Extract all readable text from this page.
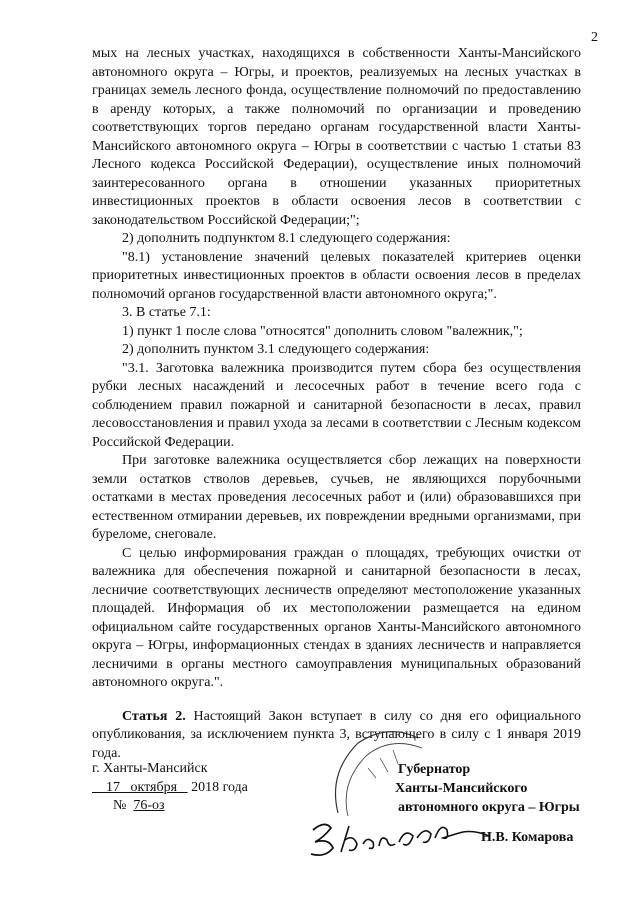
2

мых на лесных участках, находящихся в собственности Ханты-Мансийского автономного округа – Югры, и проектов, реализуемых на лесных участках в границах земель лесного фонда, осуществление полномочий по предоставлению в аренду которых, а также полномочий по организации и проведению соответствующих торгов передано органам государственной власти Ханты-Мансийского автономного округа – Югры в соответствии с частью 1 статьи 83 Лесного кодекса Российской Федерации), осуществление иных полномочий заинтересованного органа в отношении указанных приоритетных инвестиционных проектов в области освоения лесов в соответствии с законодательством Российской Федерации;";

2) дополнить подпунктом 8.1 следующего содержания:

"8.1) установление значений целевых показателей критериев оценки приоритетных инвестиционных проектов в области освоения лесов в пределах полномочий органов государственной власти автономного округа;".

3. В статье 7.1:

1) пункт 1 после слова "относятся" дополнить словом "валежник,";

2) дополнить пунктом 3.1 следующего содержания:

"3.1. Заготовка валежника производится путем сбора без осуществления рубки лесных насаждений и лесосечных работ в течение всего года с соблюдением правил пожарной и санитарной безопасности в лесах, правил лесовосстановления и правил ухода за лесами в соответствии с Лесным кодексом Российской Федерации.

При заготовке валежника осуществляется сбор лежащих на поверхности земли остатков стволов деревьев, сучьев, не являющихся порубочными остатками в местах проведения лесосечных работ и (или) образовавшихся при естественном отмирании деревьев, их повреждении вредными организмами, при буреломе, снеговале.

С целью информирования граждан о площадях, требующих очистки от валежника для обеспечения пожарной и санитарной безопасности в лесах, лесничие соответствующих лесничеств определяют местоположение указанных площадей. Информация об их местоположении размещается на едином официальном сайте государственных органов Ханты-Мансийского автономного округа – Югры, информационных стендах в зданиях лесничеств и направляется лесничими в органы местного самоуправления муниципальных образований автономного округа.".

Статья 2. Настоящий Закон вступает в силу со дня его официального опубликования, за исключением пункта 3, вступающего в силу с 1 января 2019 года.

г. Ханты-Мансийск
17 октября 2018 года
№ 76-оз
Губернатор
Ханты-Мансийского
автономного округа – Югры
Н.В. Комарова
